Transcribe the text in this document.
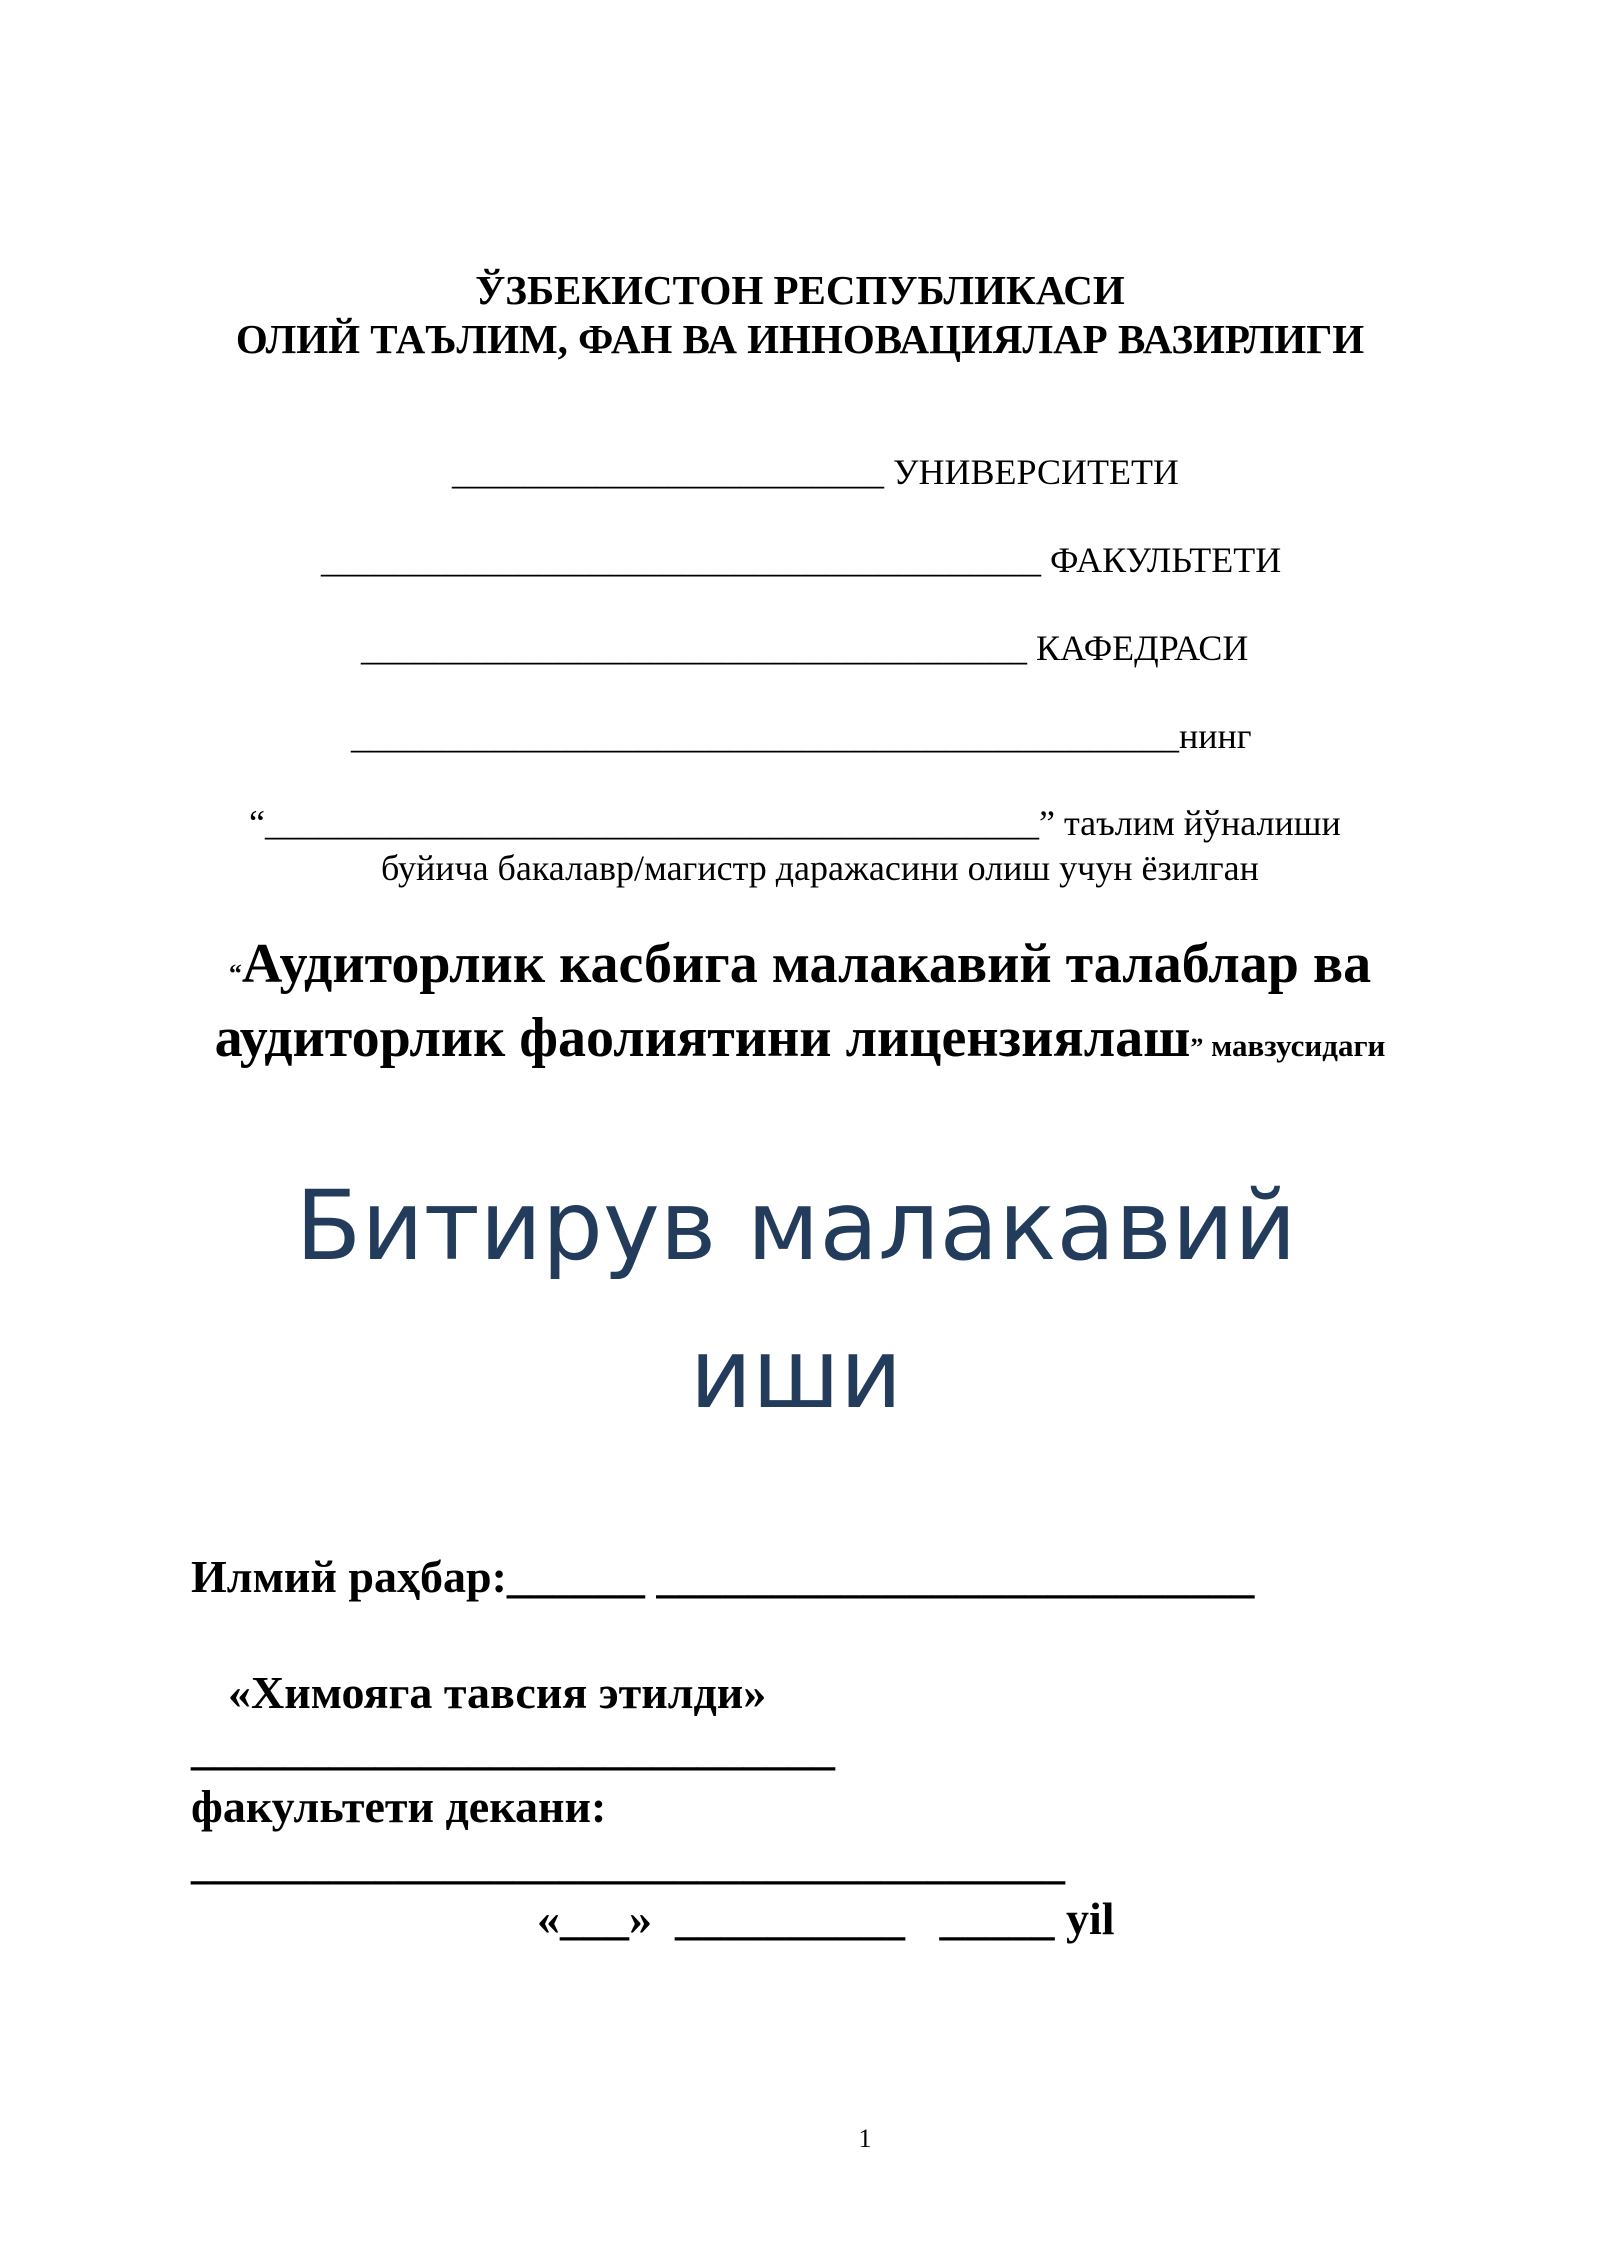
ЎЗБЕКИСТОН РЕСПУБЛИКАСИ
ОЛИЙ ТАЪЛИМ, ФАН ВА ИННОВАЦИЯЛАР ВАЗИРЛИГИ
________________________ УНИВЕРСИТЕТИ
________________________________________ ФАКУЛЬТЕТИ
_____________________________________ КАФЕДРАСИ
______________________________________________нинг
“___________________________________________” таълим йўналиши
буйича бакалавр/магистр даражасини олиш учун ёзилган
“Аудиторлик касбига малакавий талаблар ва
аудиторлик фаолиятини лицензиялаш” мавзусидаги
Битирув малакавий
иши
Илмий раҳбар:______ __________________________
«Химояга тавсия этилди»
____________________________
факультети декани:
______________________________________
«___»  __________   _____ yil
1
